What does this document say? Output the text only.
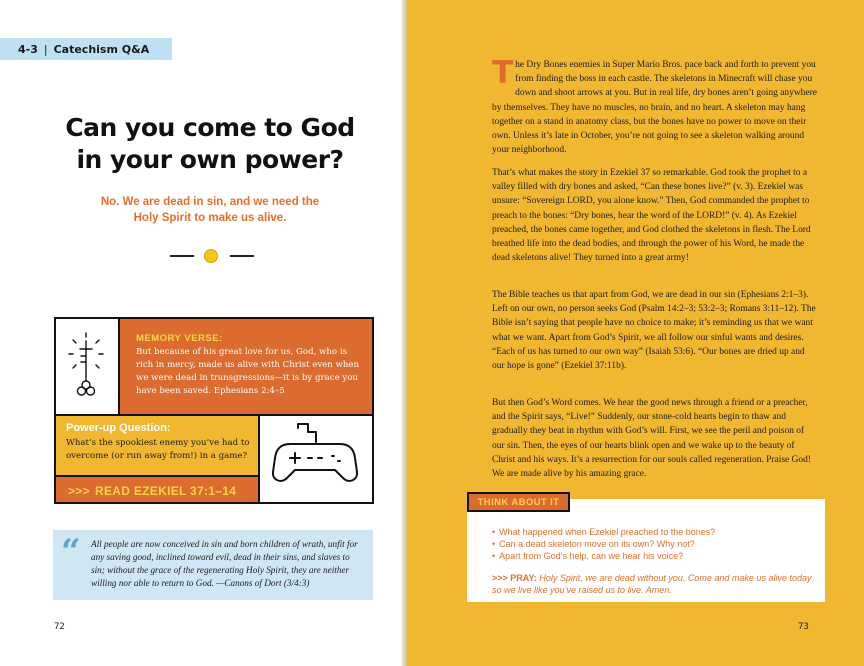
4-3 | Catechism Q&A
Can you come to God in your own power?
No. We are dead in sin, and we need the Holy Spirit to make us alive.
MEMORY VERSE:
But because of his great love for us, God, who is rich in mercy, made us alive with Christ even when we were dead in transgressions—it is by grace you have been saved. Ephesians 2:4–5
Power-up Question:
What’s the spookiest enemy you’ve had to overcome (or run away from!) in a game?
>>> READ EZEKIEL 37:1–14
“ All people are now conceived in sin and born children of wrath, unfit for any saving good, inclined toward evil, dead in their sins, and slaves to sin; without the grace of the regenerating Holy Spirit, they are neither willing nor able to return to God. —Canons of Dort (3/4:3)
72	73
The Dry Bones enemies in Super Mario Bros. pace back and forth to prevent you from finding the boss in each castle. The skeletons in Minecraft will chase you down and shoot arrows at you. But in real life, dry bones aren’t going anywhere by themselves. They have no muscles, no brain, and no heart. A skeleton may hang together on a stand in anatomy class, but the bones have no power to move on their own. Unless it’s late in October, you’re not going to see a skeleton walking around your neighborhood.
That’s what makes the story in Ezekiel 37 so remarkable. God took the prophet to a valley filled with dry bones and asked, “Can these bones live?” (v. 3). Ezekiel was unsure: “Sovereign LORD, you alone know.” Then, God commanded the prophet to preach to the bones: “Dry bones, hear the word of the LORD!” (v. 4). As Ezekiel preached, the bones came together, and God clothed the skeletons in flesh. The Lord breathed life into the dead bodies, and through the power of his Word, he made the dead skeletons alive! They turned into a great army!
The Bible teaches us that apart from God, we are dead in our sin (Ephesians 2:1–3). Left on our own, no person seeks God (Psalm 14:2–3; 53:2–3; Romans 3:11–12). The Bible isn’t saying that people have no choice to make; it’s reminding us that we want what we want. Apart from God’s Spirit, we all follow our sinful wants and desires. “Each of us has turned to our own way” (Isaiah 53:6). “Our bones are dried up and our hope is gone” (Ezekiel 37:11b).
But then God’s Word comes. We hear the good news through a friend or a preacher, and the Spirit says, “Live!” Suddenly, our stone-cold hearts begin to thaw and gradually they beat in rhythm with God’s will. First, we see the peril and poison of our sin. Then, the eyes of our hearts blink open and we wake up to the beauty of Christ and his ways. It’s a resurrection for our souls called regeneration. Praise God! We are made alive by his amazing grace.
THINK ABOUT IT
• What happened when Ezekiel preached to the bones?
• Can a dead skeleton move on its own? Why not?
• Apart from God’s help, can we hear his voice?
>>> PRAY: Holy Spirit, we are dead without you. Come and make us alive today so we live like you’ve raised us to live. Amen.
